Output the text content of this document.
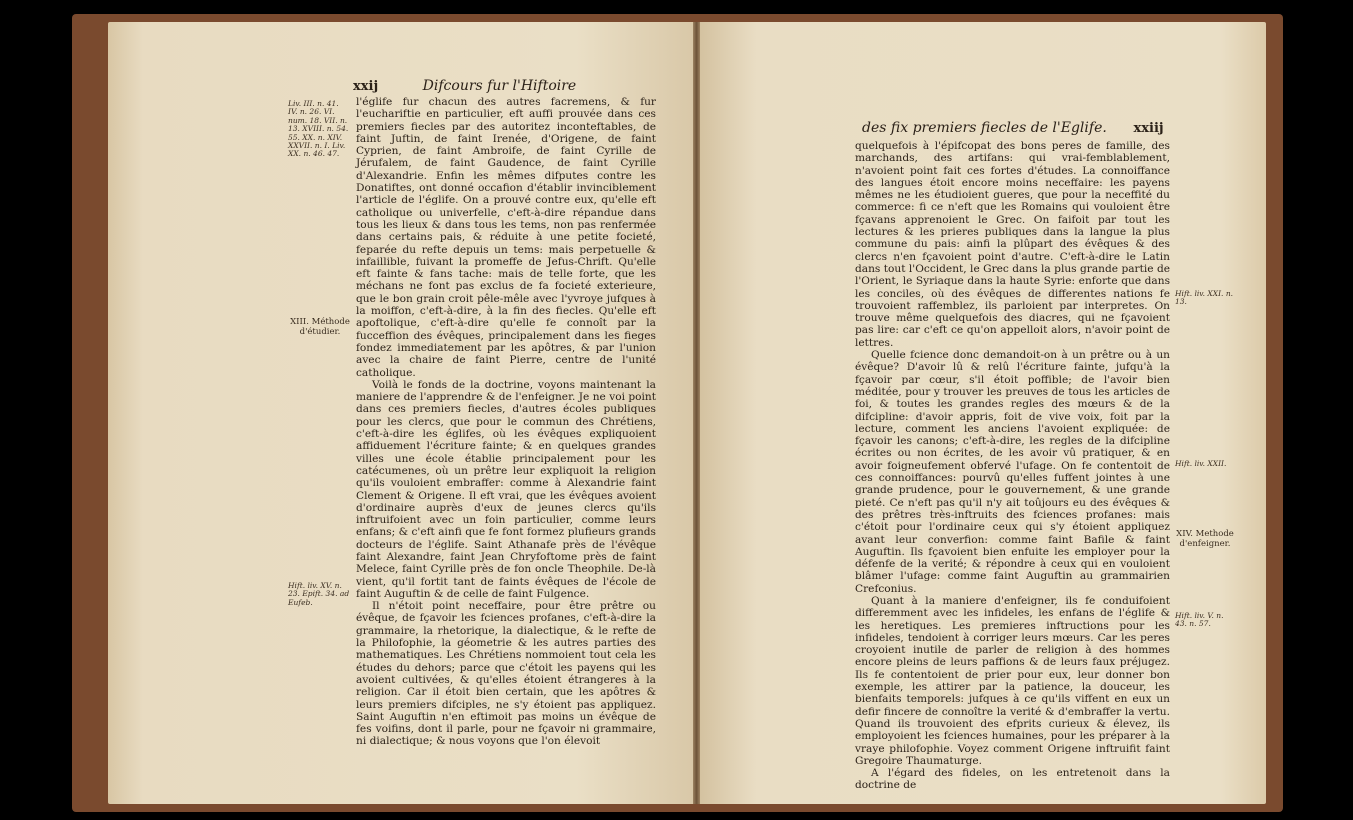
xxij	Difcours fur l'Hiftoire
Liv. III. n. 41. IV. n. 26. VI. num. 18. VII. n. 13. XVIII. n. 54. 55. XX. n. XIV. XXVII. n. I. Liv. XX. n. 46. 47.
XIII. Méthode d'étudier.
Hift. liv. XV. n. 23. Epift. 34. ad Eufeb.

l'églife fur chacun des autres facremens, & fur l'euchariftie en particulier, eft auffi prouvée dans ces premiers fiecles par des autoritez inconteftables, de faint Juftin, de faint Irenée, d'Origene, de faint Cyprien, de faint Ambroife, de faint Cyrille de Jérufalem, de faint Gaudence, de faint Cyrille d'Alexandrie. Enfin les mêmes difputes contre les Donatiftes, ont donné occafion d'établir invinciblement l'article de l'églife. On a prouvé contre eux, qu'elle eft catholique ou univerfelle, c'eft-à-dire répandue dans tous les lieux & dans tous les tems, non pas renfermée dans certains pais, & réduite à une petite focieté, feparée du refte depuis un tems: mais perpetuelle & infaillible, fuivant la promeffe de Jefus-Chrift. Qu'elle eft fainte & fans tache: mais de telle forte, que les méchans ne font pas exclus de fa focieté exterieure, que le bon grain croit pêle-mêle avec l'yvroye jufques à la moiffon, c'eft-à-dire, à la fin des fiecles. Qu'elle eft apoftolique, c'eft-à-dire qu'elle fe connoît par la fucceffion des évêques, principalement dans les fieges fondez immediatement par les apôtres, & par l'union avec la chaire de faint Pierre, centre de l'unité catholique.

Voilà le fonds de la doctrine, voyons maintenant la maniere de l'apprendre & de l'enfeigner. Je ne voi point dans ces premiers fiecles, d'autres écoles publiques pour les clercs, que pour le commun des Chrétiens, c'eft-à-dire les églifes, où les évêques expliquoient affiduement l'écriture fainte; & en quelques grandes villes une école établie principalement pour les catécumenes, où un prêtre leur expliquoit la religion qu'ils vouloient embraffer: comme à Alexandrie faint Clement & Origene. Il eft vrai, que les évêques avoient d'ordinaire auprès d'eux de jeunes clercs qu'ils inftruifoient avec un foin particulier, comme leurs enfans; & c'eft ainfi que fe font formez plufieurs grands docteurs de l'églife. Saint Athanafe près de l'évêque faint Alexandre, faint Jean Chryfoftome près de faint Melece, faint Cyrille près de fon oncle Theophile. De-là vient, qu'il fortit tant de faints évêques de l'école de faint Auguftin & de celle de faint Fulgence.

Il n'étoit point neceffaire, pour être prêtre ou évêque, de fçavoir les fciences profanes, c'eft-à-dire la grammaire, la rhetorique, la dialectique, & le refte de la Philofophie, la géometrie & les autres parties des mathematiques. Les Chrétiens nommoient tout cela les études du dehors; parce que c'étoit les payens qui les avoient cultivées, & qu'elles étoient étrangeres à la religion. Car il étoit bien certain, que les apôtres & leurs premiers difciples, ne s'y étoient pas appliquez. Saint Auguftin n'en eftimoit pas moins un évêque de fes voifins, dont il parle, pour ne fçavoir ni grammaire, ni dialectique; & nous voyons que l'on élevoit

des fix premiers fiecles de l'Eglife. xxiij
Hift. liv. XXI. n. 13.
Hift. liv. XXII.
XIV. Methode d'enfeigner.
Hift. liv. V. n. 43. n. 57.

quelquefois à l'épifcopat des bons peres de famille, des marchands, des artifans: qui vrai-femblablement, n'avoient point fait ces fortes d'études. La connoiffance des langues étoit encore moins neceffaire: les payens mêmes ne les étudioient gueres, que pour la neceffité du commerce: fi ce n'eft que les Romains qui vouloient être fçavans apprenoient le Grec. On faifoit par tout les lectures & les prieres publiques dans la langue la plus commune du pais: ainfi la plûpart des évêques & des clercs n'en fçavoient point d'autre. C'eft-à-dire le Latin dans tout l'Occident, le Grec dans la plus grande partie de l'Orient, le Syriaque dans la haute Syrie: enforte que dans les conciles, où des évêques de differentes nations fe trouvoient raffemblez, ils parloient par interpretes. On trouve même quelquefois des diacres, qui ne fçavoient pas lire: car c'eft ce qu'on appelloit alors, n'avoir point de lettres.

Quelle fcience donc demandoit-on à un prêtre ou à un évêque? D'avoir lû & relû l'écriture fainte, jufqu'à la fçavoir par cœur, s'il étoit poffible; de l'avoir bien méditée, pour y trouver les preuves de tous les articles de foi, & toutes les grandes regles des mœurs & de la difcipline: d'avoir appris, foit de vive voix, foit par la lecture, comment les anciens l'avoient expliquée: de fçavoir les canons; c'eft-à-dire, les regles de la difcipline écrites ou non écrites, de les avoir vû pratiquer, & en avoir foigneufement obfervé l'ufage. On fe contentoit de ces connoiffances: pourvû qu'elles fuffent jointes à une grande prudence, pour le gouvernement, & une grande pieté. Ce n'eft pas qu'il n'y ait toûjours eu des évêques & des prêtres très-inftruits des fciences profanes: mais c'étoit pour l'ordinaire ceux qui s'y étoient appliquez avant leur converfion: comme faint Bafile & faint Auguftin. Ils fçavoient bien enfuite les employer pour la défenfe de la verité; & répondre à ceux qui en vouloient blâmer l'ufage: comme faint Auguftin au grammairien Crefconius.

Quant à la maniere d'enfeigner, ils fe conduifoient differemment avec les infideles, les enfans de l'églife & les heretiques. Les premieres inftructions pour les infideles, tendoient à corriger leurs mœurs. Car les peres croyoient inutile de parler de religion à des hommes encore pleins de leurs paffions & de leurs faux préjugez. Ils fe contentoient de prier pour eux, leur donner bon exemple, les attirer par la patience, la douceur, les bienfaits temporels: jufques à ce qu'ils viffent en eux un defir fincere de connoître la verité & d'embraffer la vertu. Quand ils trouvoient des efprits curieux & élevez, ils employoient les fciences humaines, pour les préparer à la vraye philofophie. Voyez comment Origene inftruifit faint Gregoire Thaumaturge.

A l'égard des fideles, on les entretenoit dans la doctrine de
